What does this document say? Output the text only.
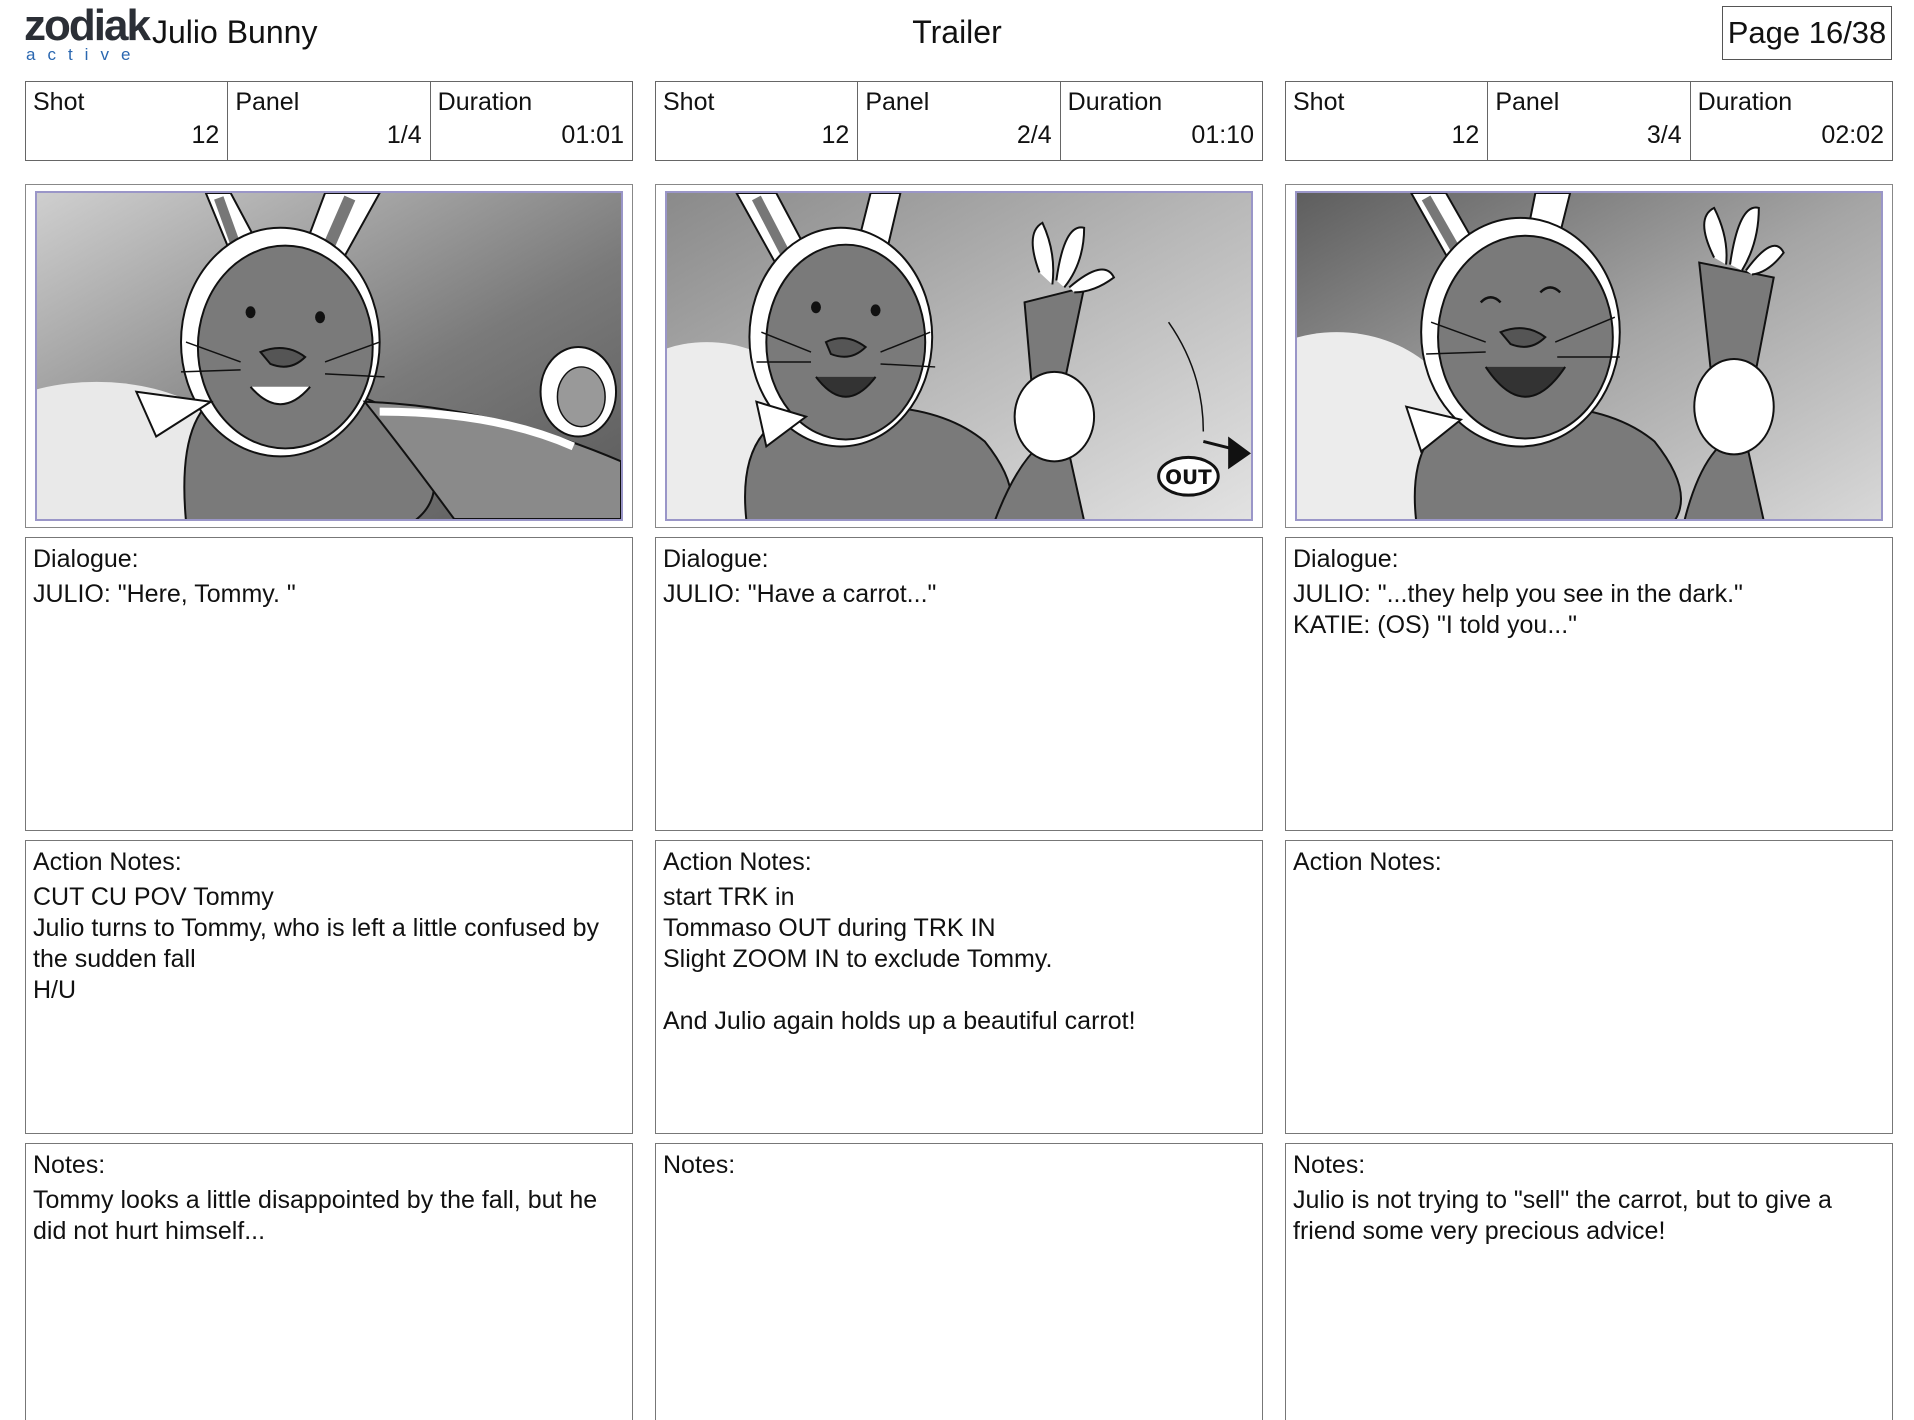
zodiak
active
Julio Bunny	Trailer	Page 16/38
Shot
12
Panel
1/4
Duration
01:01
Dialogue:
JULIO: "Here, Tommy. "
Action Notes:
CUT CU POV Tommy
Julio turns to Tommy, who is left a little confused by the sudden fall
H/U
Notes:
Tommy looks a little disappointed by the fall, but he did not hurt himself...
Shot
12
Panel
2/4
Duration
01:10
OUT
Dialogue:
JULIO: "Have a carrot..."
Action Notes:
start TRK in
Tommaso OUT during TRK IN
Slight ZOOM IN to exclude Tommy.
And Julio again holds up a beautiful carrot!
Notes:
Shot
12
Panel
3/4
Duration
02:02
Dialogue:
JULIO: "...they help you see in the dark."
KATIE: (OS) "I told you..."
Action Notes:
Notes:
Julio is not trying to "sell" the carrot, but to give a friend some very precious advice!
